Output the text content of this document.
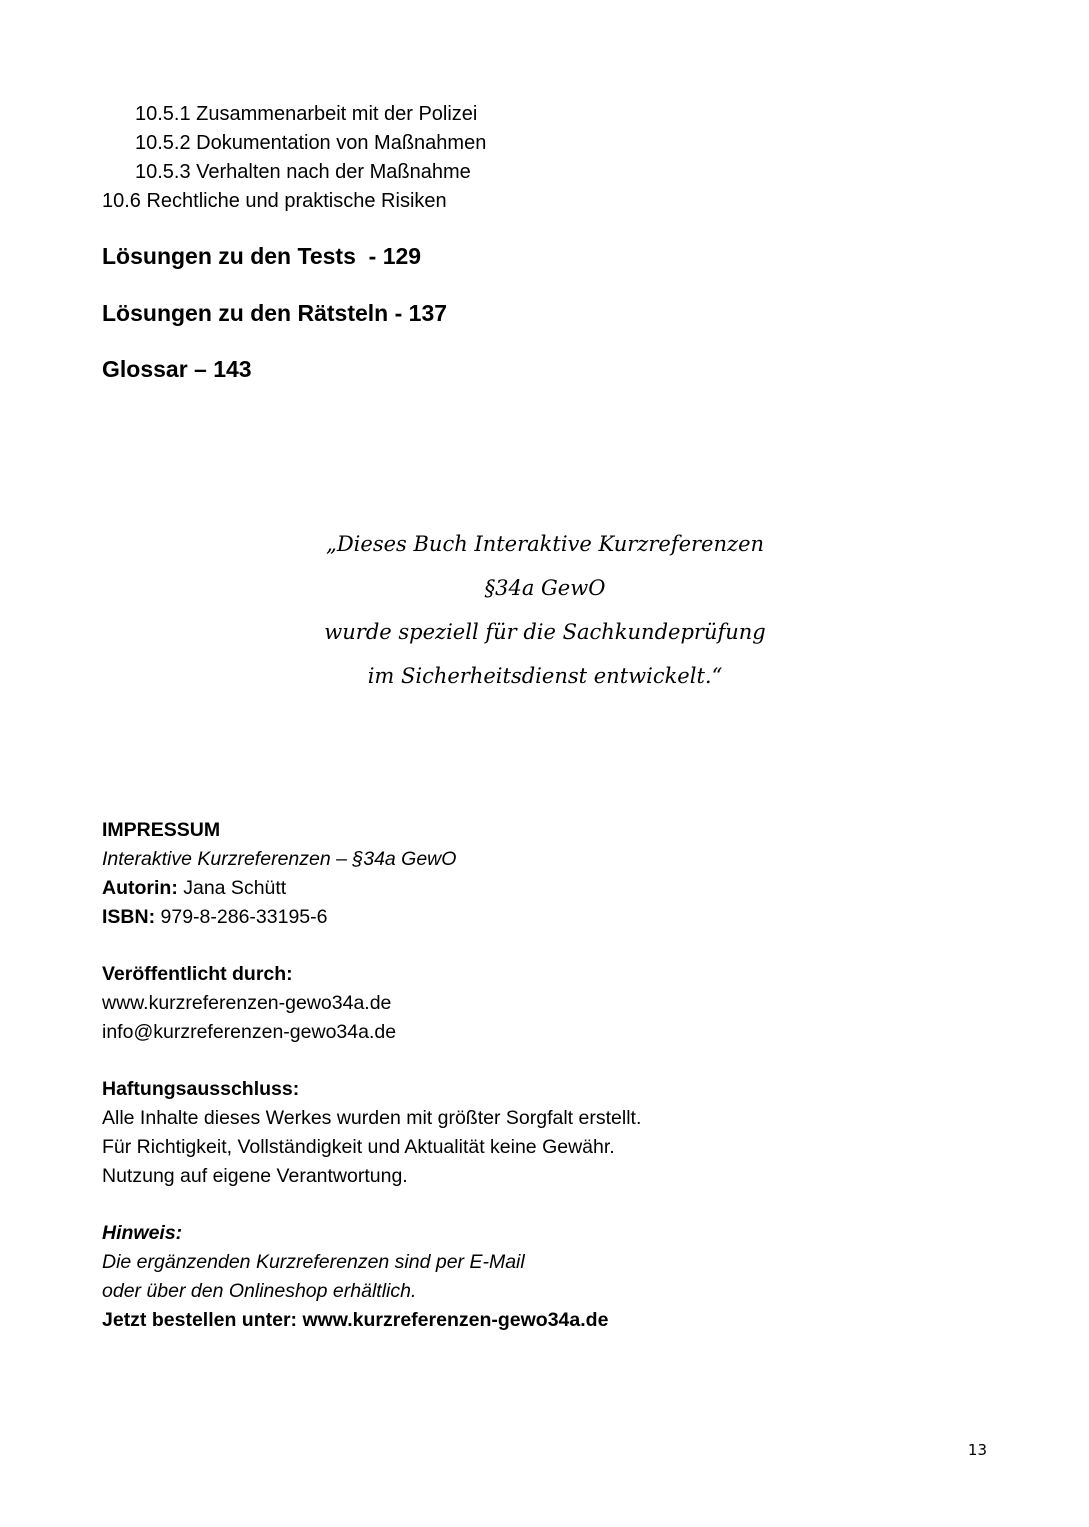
10.5.1 Zusammenarbeit mit der Polizei
10.5.2 Dokumentation von Maßnahmen
10.5.3 Verhalten nach der Maßnahme
10.6 Rechtliche und praktische Risiken
Lösungen zu den Tests  - 129
Lösungen zu den Rätsteln - 137
Glossar – 143
„Dieses Buch Interaktive Kurzreferenzen
§34a GewO
wurde speziell für die Sachkundeprüfung
im Sicherheitsdienst entwickelt.“
IMPRESSUM
Interaktive Kurzreferenzen – §34a GewO
Autorin: Jana Schütt
ISBN: 979-8-286-33195-6
Veröffentlicht durch:
www.kurzreferenzen-gewo34a.de
info@kurzreferenzen-gewo34a.de
Haftungsausschluss:
Alle Inhalte dieses Werkes wurden mit größter Sorgfalt erstellt.
Für Richtigkeit, Vollständigkeit und Aktualität keine Gewähr.
Nutzung auf eigene Verantwortung.
Hinweis:
Die ergänzenden Kurzreferenzen sind per E-Mail
oder über den Onlineshop erhältlich.
Jetzt bestellen unter: www.kurzreferenzen-gewo34a.de
13
